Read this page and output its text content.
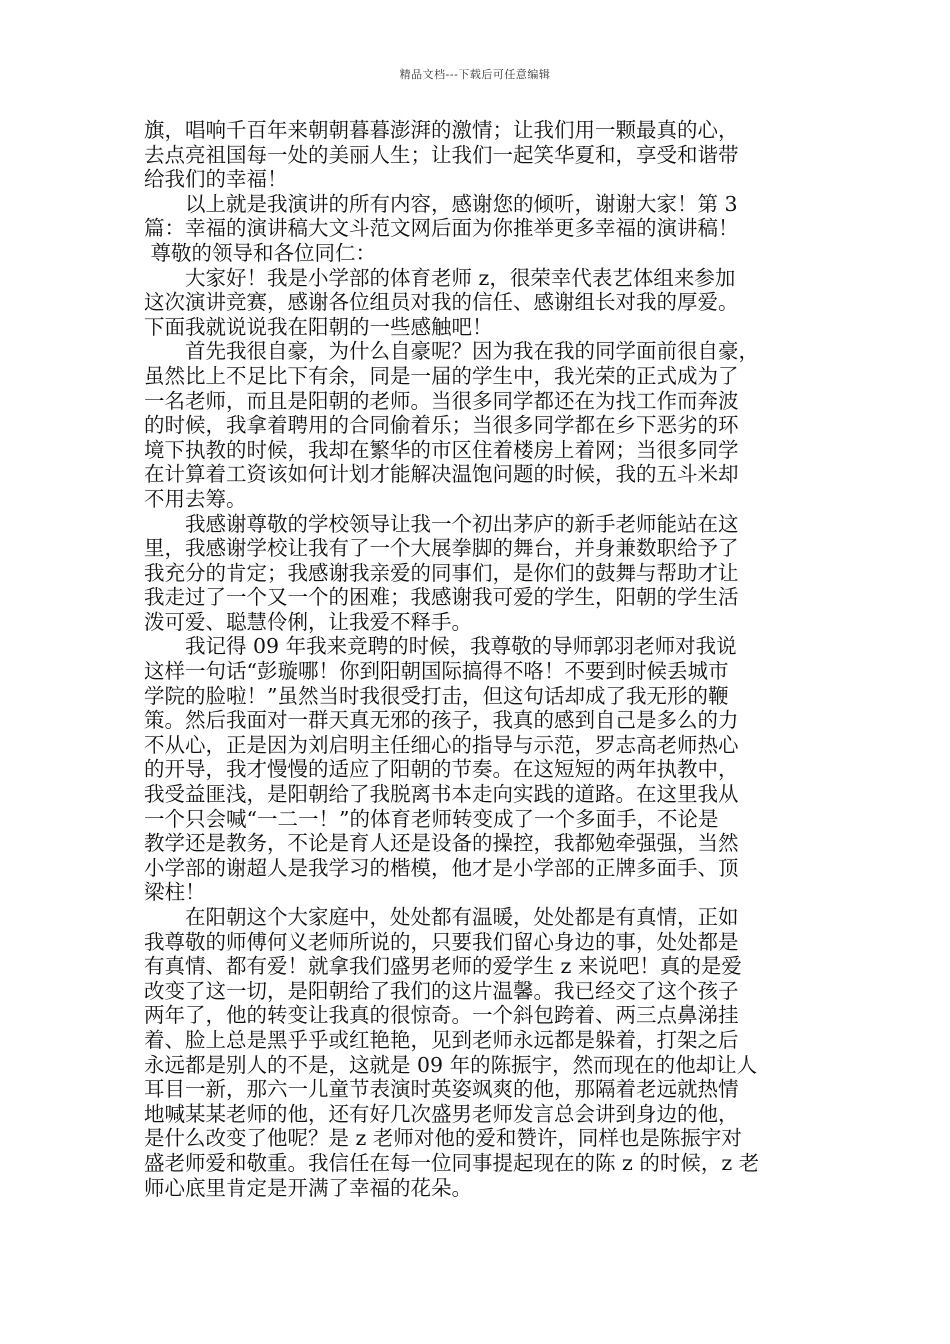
精品文档---下载后可任意编辑
旗，唱响千百年来朝朝暮暮澎湃的激情；让我们用一颗最真的心，
去点亮祖国每一处的美丽人生；让我们一起笑华夏和，享受和谐带
给我们的幸福！
　　以上就是我演讲的所有内容，感谢您的倾听，谢谢大家！第 3
篇：幸福的演讲稿大文斗范文网后面为你推举更多幸福的演讲稿！
尊敬的领导和各位同仁：
　　大家好！我是小学部的体育老师 z，很荣幸代表艺体组来参加
这次演讲竞赛，感谢各位组员对我的信任、感谢组长对我的厚爱。
下面我就说说我在阳朝的一些感触吧！
　　首先我很自豪，为什么自豪呢？因为我在我的同学面前很自豪，
虽然比上不足比下有余，同是一届的学生中，我光荣的正式成为了
一名老师，而且是阳朝的老师。当很多同学都还在为找工作而奔波
的时候，我拿着聘用的合同偷着乐；当很多同学都在乡下恶劣的环
境下执教的时候，我却在繁华的市区住着楼房上着网；当很多同学
在计算着工资该如何计划才能解决温饱问题的时候，我的五斗米却
不用去筹。
　　我感谢尊敬的学校领导让我一个初出茅庐的新手老师能站在这
里，我感谢学校让我有了一个大展拳脚的舞台，并身兼数职给予了
我充分的肯定；我感谢我亲爱的同事们，是你们的鼓舞与帮助才让
我走过了一个又一个的困难；我感谢我可爱的学生，阳朝的学生活
泼可爱、聪慧伶俐，让我爱不释手。
　　我记得 09 年我来竞聘的时候，我尊敬的导师郭羽老师对我说
这样一句话“彭璇哪！你到阳朝国际搞得不咯！不要到时候丢城市
学院的脸啦！”虽然当时我很受打击，但这句话却成了我无形的鞭
策。然后我面对一群天真无邪的孩子，我真的感到自己是多么的力
不从心，正是因为刘启明主任细心的指导与示范，罗志高老师热心
的开导，我才慢慢的适应了阳朝的节奏。在这短短的两年执教中，
我受益匪浅，是阳朝给了我脱离书本走向实践的道路。在这里我从
一个只会喊“一二一！”的体育老师转变成了一个多面手，不论是
教学还是教务，不论是育人还是设备的操控，我都勉牵强强，当然
小学部的谢超人是我学习的楷模，他才是小学部的正牌多面手、顶
梁柱！
　　在阳朝这个大家庭中，处处都有温暖，处处都是有真情，正如
我尊敬的师傅何义老师所说的，只要我们留心身边的事，处处都是
有真情、都有爱！就拿我们盛男老师的爱学生 z 来说吧！真的是爱
改变了这一切，是阳朝给了我们的这片温馨。我已经交了这个孩子
两年了，他的转变让我真的很惊奇。一个斜包跨着、两三点鼻涕挂
着、脸上总是黑乎乎或红艳艳，见到老师永远都是躲着，打架之后
永远都是别人的不是，这就是 09 年的陈振宇，然而现在的他却让人
耳目一新，那六一儿童节表演时英姿飒爽的他，那隔着老远就热情
地喊某某老师的他，还有好几次盛男老师发言总会讲到身边的他，
是什么改变了他呢？是 z 老师对他的爱和赞许，同样也是陈振宇对
盛老师爱和敬重。我信任在每一位同事提起现在的陈 z 的时候，z 老
师心底里肯定是开满了幸福的花朵。
